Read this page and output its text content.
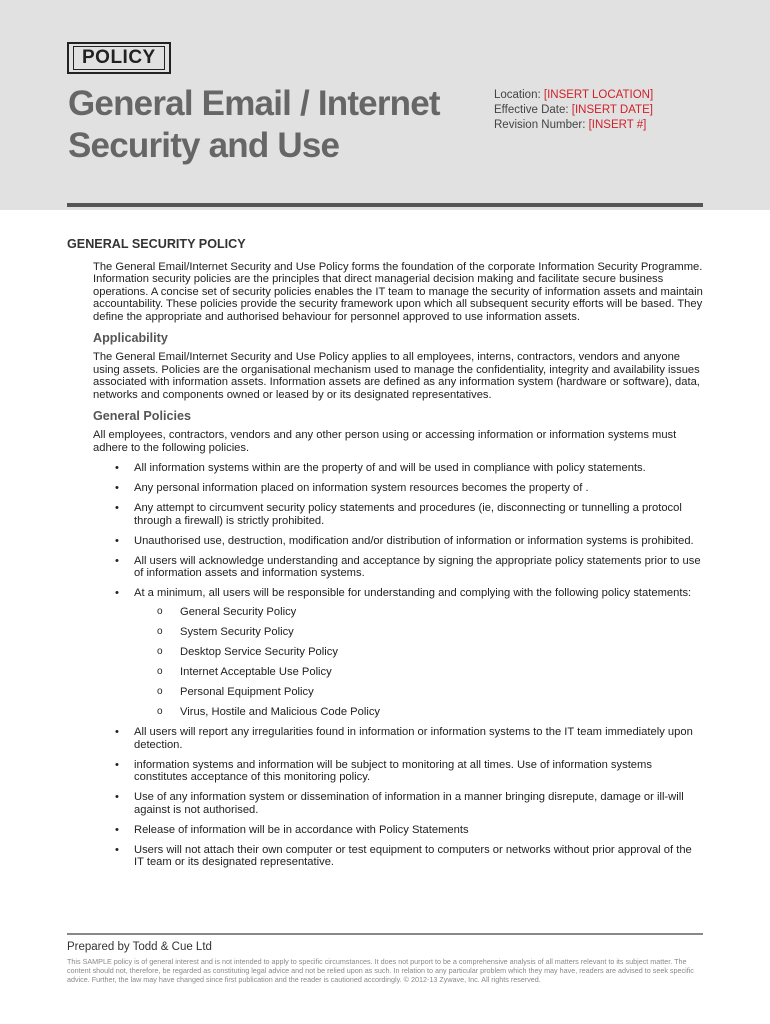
POLICY
General Email / Internet Security and Use
Location: [INSERT LOCATION]
Effective Date: [INSERT DATE]
Revision Number: [INSERT #]
GENERAL SECURITY POLICY

The General Email/Internet Security and Use Policy forms the foundation of the corporate Information Security Programme. Information security policies are the principles that direct managerial decision making and facilitate secure business operations. A concise set of security policies enables the IT team to manage the security of information assets and maintain accountability. These policies provide the security framework upon which all subsequent security efforts will be based. They define the appropriate and authorised behaviour for personnel approved to use information assets.

Applicability

The General Email/Internet Security and Use Policy applies to all employees, interns, contractors, vendors and anyone using assets. Policies are the organisational mechanism used to manage the confidentiality, integrity and availability issues associated with information assets. Information assets are defined as any information system (hardware or software), data, networks and components owned or leased by or its designated representatives.

General Policies

All employees, contractors, vendors and any other person using or accessing information or information systems must adhere to the following policies.

• All information systems within are the property of and will be used in compliance with policy statements.
• Any personal information placed on information system resources becomes the property of .
• Any attempt to circumvent security policy statements and procedures (ie, disconnecting or tunnelling a protocol through a firewall) is strictly prohibited.
• Unauthorised use, destruction, modification and/or distribution of information or information systems is prohibited.
• All users will acknowledge understanding and acceptance by signing the appropriate policy statements prior to use of information assets and information systems.
• At a minimum, all users will be responsible for understanding and complying with the following policy statements:
o General Security Policy
o System Security Policy
o Desktop Service Security Policy
o Internet Acceptable Use Policy
o Personal Equipment Policy
o Virus, Hostile and Malicious Code Policy
• All users will report any irregularities found in information or information systems to the IT team immediately upon detection.
• information systems and information will be subject to monitoring at all times. Use of information systems constitutes acceptance of this monitoring policy.
• Use of any information system or dissemination of information in a manner bringing disrepute, damage or ill-will against is not authorised.
• Release of information will be in accordance with Policy Statements
• Users will not attach their own computer or test equipment to computers or networks without prior approval of the IT team or its designated representative.

Prepared by Todd & Cue Ltd

This SAMPLE policy is of general interest and is not intended to apply to specific circumstances. It does not purport to be a comprehensive analysis of all matters relevant to its subject matter. The content should not, therefore, be regarded as constituting legal advice and not be relied upon as such. In relation to any particular problem which they may have, readers are advised to seek specific advice. Further, the law may have changed since first publication and the reader is cautioned accordingly. © 2012-13 Zywave, Inc. All rights reserved.
